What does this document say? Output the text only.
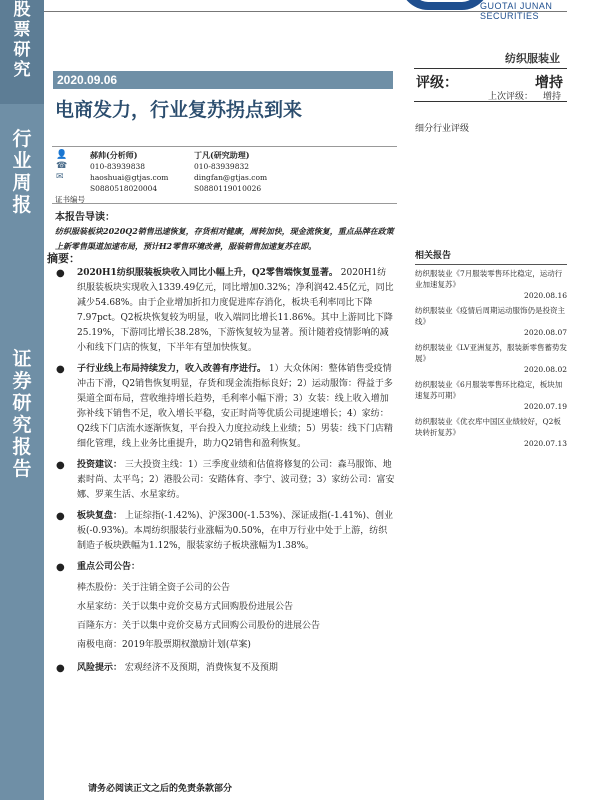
股
票
研
究
行
业
周
报
证
券
研
究
报
告
GUOTAI JUNAN SECURITIES
纺织服装业
2020.09.06
电商发力，行业复苏拐点到来
评级：	增持
上次评级： 增持
细分行业评级
👤
☎
✉
郝帅(分析师)
010-83939838
haoshuai@gtjas.com
S0880518020004
丁凡(研究助理)
010-83939832
dingfan@gtjas.com
S0880119010026
证书编号
本报告导读：
纺织服装板块2020Q2销售迅速恢复，存货相对健康，周转加快，现金流恢复，重点品牌在政策上新零售渠道加速布局，预计H2零售环境改善，服装销售加速复苏在即。
摘要：
● 2020H1纺织服装板块收入同比小幅上升，Q2零售端恢复显著。 2020H1纺织服装板块实现收入1339.49亿元，同比增加0.32%；净利润42.45亿元，同比减少54.68%。由于企业增加折扣力度促进库存消化，板块毛利率同比下降7.97pct。Q2板块恢复较为明显，收入端同比增长11.86%。其中上游同比下降25.19%，下游同比增长38.28%，下游恢复较为显著。预计随着疫情影响的减小和线下门店的恢复，下半年有望加快恢复。
● 子行业线上布局持续发力，收入改善有序进行。 1）大众休闲：整体销售受疫情冲击下滑，Q2销售恢复明显，存货和现金流指标良好；2）运动服饰：得益于多渠道全面布局，营收维持增长趋势，毛利率小幅下滑；3）女装：线上收入增加弥补线下销售不足，收入增长平稳，安正时尚等优质公司提速增长；4）家纺：Q2线下门店流水逐渐恢复，平台投入力度拉动线上业绩；5）男装：线下门店精细化管理，线上业务比重提升，助力Q2销售和盈利恢复。
● 投资建议： 三大投资主线：1）三季度业绩和估值将修复的公司：森马服饰、地素时尚、太平鸟；2）港股公司：安踏体育、李宁、波司登；3）家纺公司：富安娜、罗莱生活、水星家纺。
● 板块复盘： 上证综指(-1.42%)、沪深300(-1.53%)、深证成指(-1.41%)、创业板(-0.93%)。本周纺织服装行业涨幅为0.50%，在申万行业中处于上游，纺织制造子板块跌幅为1.12%，服装家纺子板块涨幅为1.38%。
● 重点公司公告：
棒杰股份：关于注销全资子公司的公告
水星家纺：关于以集中竞价交易方式回购股份进展公告
百隆东方：关于以集中竞价交易方式回购公司股份的进展公告
南极电商：2019年股票期权激励计划(草案)
● 风险提示： 宏观经济不及预期，消费恢复不及预期
相关报告
纺织服装业《7月服装零售环比稳定，运动行业加速复苏》
2020.08.16
纺织服装业《疫情后周期运动服饰仍是投资主线》
2020.08.07
纺织服装业《LV亚洲复苏，服装新零售蓄势发展》
2020.08.02
纺织服装业《6月服装零售环比稳定，板块加速复苏可期》
2020.07.19
纺织服装业《优衣库中国区业绩较好，Q2板块转折复苏》
2020.07.13
请务必阅读正文之后的免责条款部分
